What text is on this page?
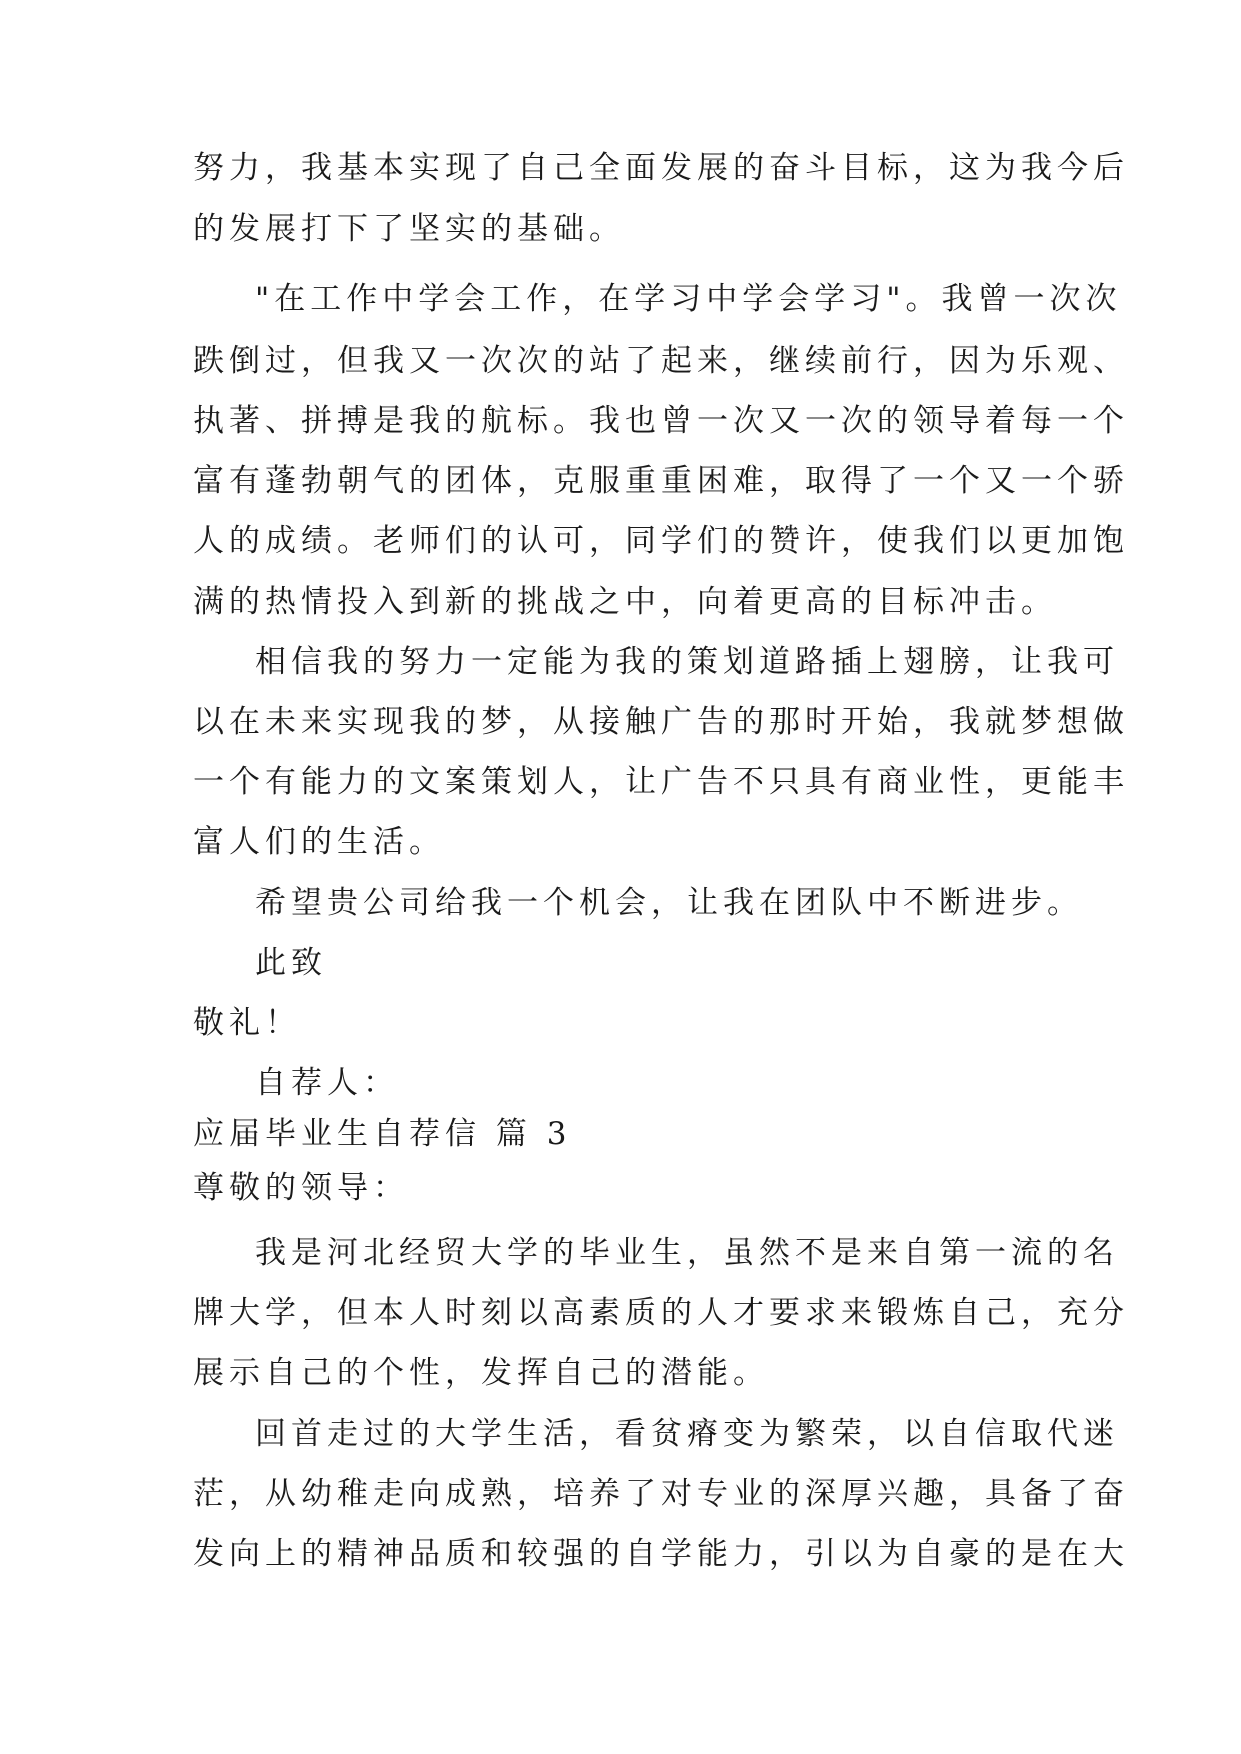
努力，我基本实现了自己全面发展的奋斗目标，这为我今后
的发展打下了坚实的基础。
"在工作中学会工作，在学习中学会学习"。我曾一次次
跌倒过，但我又一次次的站了起来，继续前行，因为乐观、
执著、拼搏是我的航标。我也曾一次又一次的领导着每一个
富有蓬勃朝气的团体，克服重重困难，取得了一个又一个骄
人的成绩。老师们的认可，同学们的赞许，使我们以更加饱
满的热情投入到新的挑战之中，向着更高的目标冲击。
相信我的努力一定能为我的策划道路插上翅膀，让我可
以在未来实现我的梦，从接触广告的那时开始，我就梦想做
一个有能力的文案策划人，让广告不只具有商业性，更能丰
富人们的生活。
希望贵公司给我一个机会，让我在团队中不断进步。
此致
敬礼！
自荐人：
应届毕业生自荐信 篇 3
尊敬的领导：
我是河北经贸大学的毕业生，虽然不是来自第一流的名
牌大学，但本人时刻以高素质的人才要求来锻炼自己，充分
展示自己的个性，发挥自己的潜能。
回首走过的大学生活，看贫瘠变为繁荣，以自信取代迷
茫，从幼稚走向成熟，培养了对专业的深厚兴趣，具备了奋
发向上的精神品质和较强的自学能力，引以为自豪的是在大
